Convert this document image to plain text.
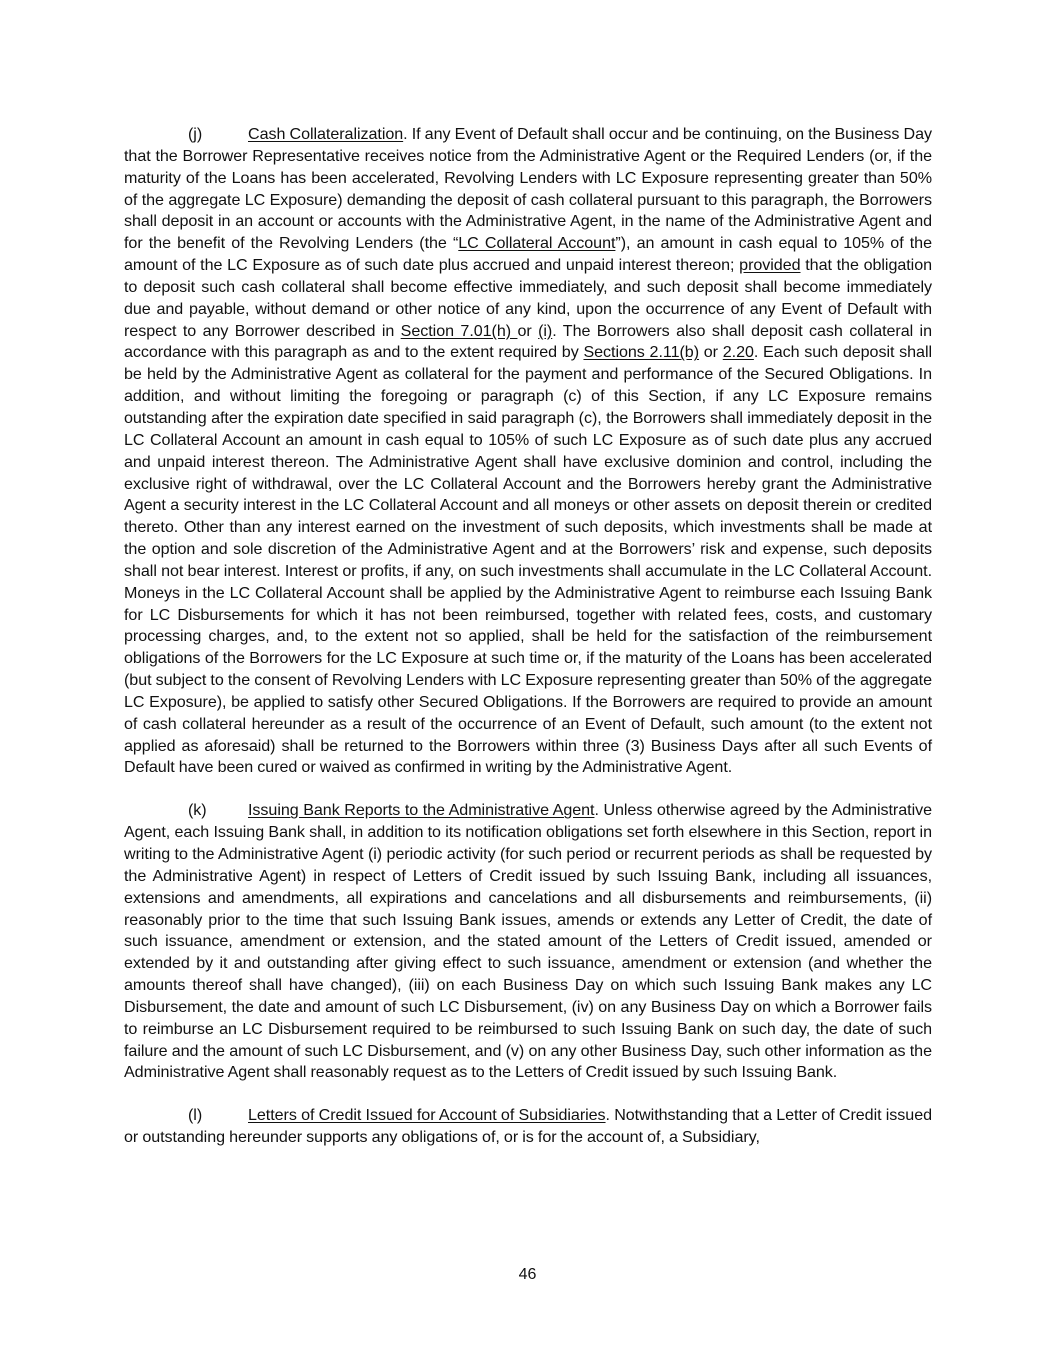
(j)	Cash Collateralization. If any Event of Default shall occur and be continuing, on the Business Day that the Borrower Representative receives notice from the Administrative Agent or the Required Lenders (or, if the maturity of the Loans has been accelerated, Revolving Lenders with LC Exposure representing greater than 50% of the aggregate LC Exposure) demanding the deposit of cash collateral pursuant to this paragraph, the Borrowers shall deposit in an account or accounts with the Administrative Agent, in the name of the Administrative Agent and for the benefit of the Revolving Lenders (the “LC Collateral Account”), an amount in cash equal to 105% of the amount of the LC Exposure as of such date plus accrued and unpaid interest thereon; provided that the obligation to deposit such cash collateral shall become effective immediately, and such deposit shall become immediately due and payable, without demand or other notice of any kind, upon the occurrence of any Event of Default with respect to any Borrower described in Section 7.01(h) or (i). The Borrowers also shall deposit cash collateral in accordance with this paragraph as and to the extent required by Sections 2.11(b) or 2.20. Each such deposit shall be held by the Administrative Agent as collateral for the payment and performance of the Secured Obligations. In addition, and without limiting the foregoing or paragraph (c) of this Section, if any LC Exposure remains outstanding after the expiration date specified in said paragraph (c), the Borrowers shall immediately deposit in the LC Collateral Account an amount in cash equal to 105% of such LC Exposure as of such date plus any accrued and unpaid interest thereon. The Administrative Agent shall have exclusive dominion and control, including the exclusive right of withdrawal, over the LC Collateral Account and the Borrowers hereby grant the Administrative Agent a security interest in the LC Collateral Account and all moneys or other assets on deposit therein or credited thereto. Other than any interest earned on the investment of such deposits, which investments shall be made at the option and sole discretion of the Administrative Agent and at the Borrowers’ risk and expense, such deposits shall not bear interest. Interest or profits, if any, on such investments shall accumulate in the LC Collateral Account. Moneys in the LC Collateral Account shall be applied by the Administrative Agent to reimburse each Issuing Bank for LC Disbursements for which it has not been reimbursed, together with related fees, costs, and customary processing charges, and, to the extent not so applied, shall be held for the satisfaction of the reimbursement obligations of the Borrowers for the LC Exposure at such time or, if the maturity of the Loans has been accelerated (but subject to the consent of Revolving Lenders with LC Exposure representing greater than 50% of the aggregate LC Exposure), be applied to satisfy other Secured Obligations. If the Borrowers are required to provide an amount of cash collateral hereunder as a result of the occurrence of an Event of Default, such amount (to the extent not applied as aforesaid) shall be returned to the Borrowers within three (3) Business Days after all such Events of Default have been cured or waived as confirmed in writing by the Administrative Agent.

(k)	Issuing Bank Reports to the Administrative Agent. Unless otherwise agreed by the Administrative Agent, each Issuing Bank shall, in addition to its notification obligations set forth elsewhere in this Section, report in writing to the Administrative Agent (i) periodic activity (for such period or recurrent periods as shall be requested by the Administrative Agent) in respect of Letters of Credit issued by such Issuing Bank, including all issuances, extensions and amendments, all expirations and cancelations and all disbursements and reimbursements, (ii) reasonably prior to the time that such Issuing Bank issues, amends or extends any Letter of Credit, the date of such issuance, amendment or extension, and the stated amount of the Letters of Credit issued, amended or extended by it and outstanding after giving effect to such issuance, amendment or extension (and whether the amounts thereof shall have changed), (iii) on each Business Day on which such Issuing Bank makes any LC Disbursement, the date and amount of such LC Disbursement, (iv) on any Business Day on which a Borrower fails to reimburse an LC Disbursement required to be reimbursed to such Issuing Bank on such day, the date of such failure and the amount of such LC Disbursement, and (v) on any other Business Day, such other information as the Administrative Agent shall reasonably request as to the Letters of Credit issued by such Issuing Bank.

(l)	Letters of Credit Issued for Account of Subsidiaries. Notwithstanding that a Letter of Credit issued or outstanding hereunder supports any obligations of, or is for the account of, a Subsidiary,

46
